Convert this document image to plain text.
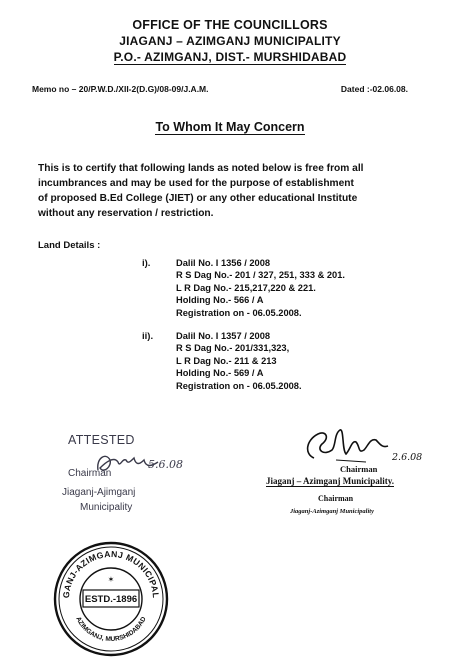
OFFICE OF THE COUNCILLORS
JIAGANJ – AZIMGANJ MUNICIPALITY
P.O.- AZIMGANJ, DIST.- MURSHIDABAD
Memo no – 20/P.W.D./XII-2(D.G)/08-09/J.A.M.	Dated :-02.06.08.
To Whom It May Concern
This is to certify that following lands as noted below is free from all
incumbrances and may be used for the purpose of establishment
of proposed B.Ed College (JIET) or any other educational Institute
without any reservation / restriction.
Land Details :
i).	Dalil No. I 1356 / 2008
R S Dag No.- 201 / 327, 251, 333 & 201.
L R Dag No.- 215,217,220 & 221.
Holding No.- 566 / A
Registration on - 06.05.2008.
ii). Dalil No. I 1357 / 2008
R S Dag No.- 201/331,323,
L R Dag No.- 211 & 213
Holding No.- 569 / A
Registration on - 06.05.2008.
ATTESTED
5.6.08
Chairman
Jiaganj-Ajimganj
Municipality
2.6.08
Chairman
Jiaganj – Azimganj Municipality.
Chairman
Jiaganj-Azimganj Municipality
JIAGANJ-AZIMGANJ MUNICIPALITY
AZIMGANJ, MURSHIDABAD
ESTD.-1896
✶
